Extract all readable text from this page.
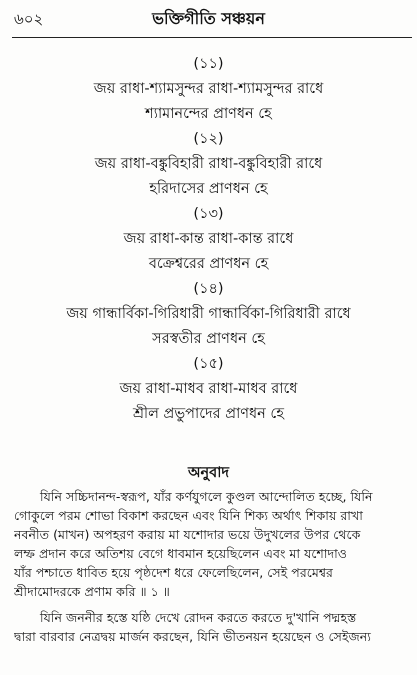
৬০২	ভক্তিগীতি সঞ্চয়ন
(১১)
জয় রাধা-শ্যামসুন্দর রাধা-শ্যামসুন্দর রাধে
শ্যামানন্দের প্রাণধন হে
(১২)
জয় রাধা-বঙ্কুবিহারী রাধা-বঙ্কুবিহারী রাধে
হরিদাসের প্রাণধন হে
(১৩)
জয় রাধা-কান্ত রাধা-কান্ত রাধে
বক্রেশ্বরের প্রাণধন হে
(১৪)
জয় গান্ধার্বিকা-গিরিধারী গান্ধার্বিকা-গিরিধারী রাধে
সরস্বতীর প্রাণধন হে
(১৫)
জয় রাধা-মাধব রাধা-মাধব রাধে
শ্রীল প্রভুপাদের প্রাণধন হে
অনুবাদ
যিনি সচ্চিদানন্দ-স্বরূপ, যাঁর কর্ণযুগলে কুণ্ডল আন্দোলিত হচ্ছে, যিনি
গোকুলে পরম শোভা বিকাশ করছেন এবং যিনি শিক্য অর্থাৎ শিকায় রাখা
নবনীত (মাখন) অপহরণ করায় মা যশোদার ভয়ে উদুখলের উপর থেকে
লম্ফ প্রদান করে অতিশয় বেগে ধাবমান হয়েছিলেন এবং মা যশোদাও
যাঁর পশ্চাতে ধাবিত হয়ে পৃষ্ঠদেশ ধরে ফেলেছিলেন, সেই পরমেশ্বর
শ্রীদামোদরকে প্রণাম করি ॥ ১ ॥
যিনি জননীর হস্তে যষ্ঠি দেখে রোদন করতে করতে দু'খানি পদ্মহস্ত
দ্বারা বারবার নেত্রদ্বয় মার্জন করছেন, যিনি ভীতনয়ন হয়েছেন ও সেইজন্য
